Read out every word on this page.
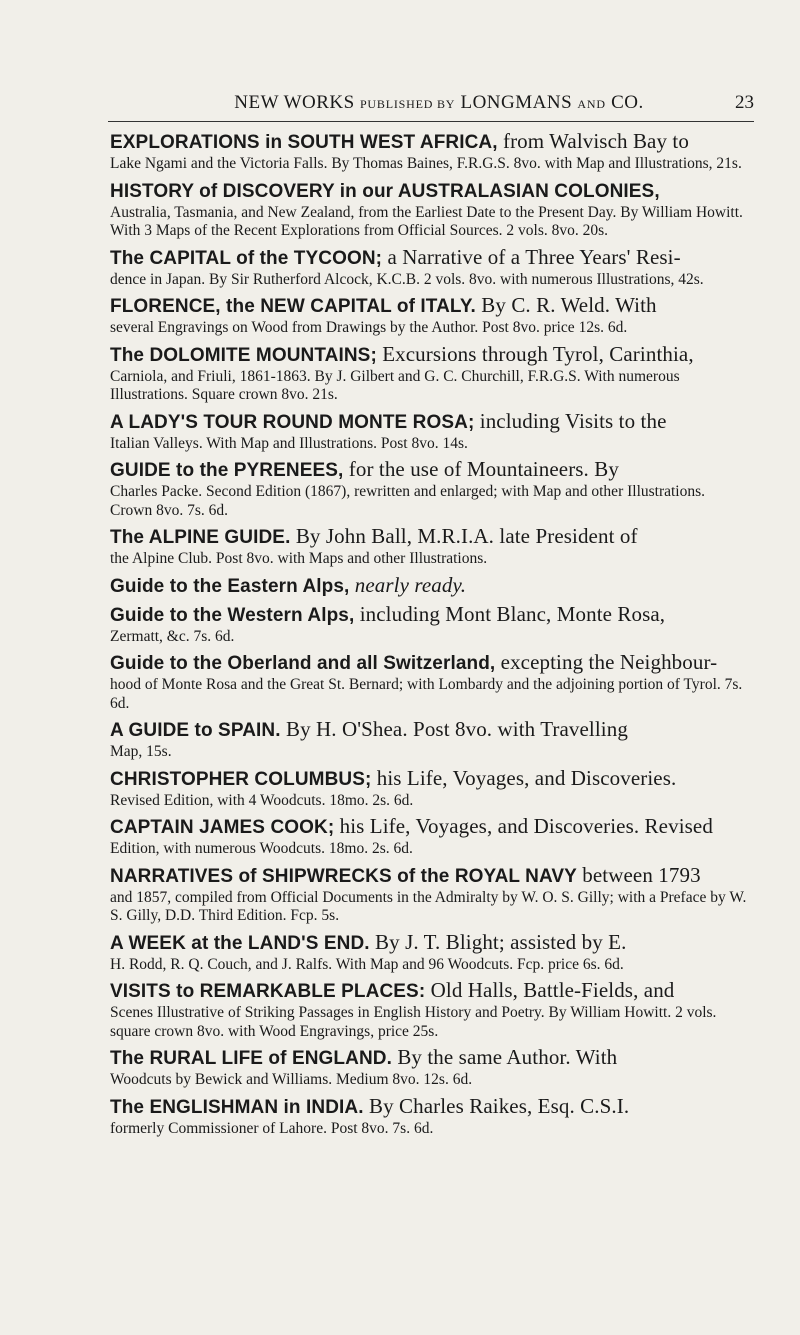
NEW WORKS PUBLISHED BY LONGMANS AND CO.	23
EXPLORATIONS in SOUTH WEST AFRICA, from Walvisch Bay to
Lake Ngami and the Victoria Falls. By Thomas Baines, F.R.G.S. 8vo. with Map and Illustrations, 21s.
HISTORY of DISCOVERY in our AUSTRALASIAN COLONIES,
Australia, Tasmania, and New Zealand, from the Earliest Date to the Present Day. By William Howitt. With 3 Maps of the Recent Explorations from Official Sources. 2 vols. 8vo. 20s.
The CAPITAL of the TYCOON; a Narrative of a Three Years' Resi-
dence in Japan. By Sir Rutherford Alcock, K.C.B. 2 vols. 8vo. with numerous Illustrations, 42s.
FLORENCE, the NEW CAPITAL of ITALY. By C. R. Weld. With
several Engravings on Wood from Drawings by the Author. Post 8vo. price 12s. 6d.
The DOLOMITE MOUNTAINS; Excursions through Tyrol, Carinthia,
Carniola, and Friuli, 1861-1863. By J. Gilbert and G. C. Churchill, F.R.G.S. With numerous Illustrations. Square crown 8vo. 21s.
A LADY'S TOUR ROUND MONTE ROSA; including Visits to the
Italian Valleys. With Map and Illustrations. Post 8vo. 14s.
GUIDE to the PYRENEES, for the use of Mountaineers. By
Charles Packe. Second Edition (1867), rewritten and enlarged; with Map and other Illustrations. Crown 8vo. 7s. 6d.
The ALPINE GUIDE. By John Ball, M.R.I.A. late President of
the Alpine Club. Post 8vo. with Maps and other Illustrations.
Guide to the Eastern Alps, nearly ready.
Guide to the Western Alps, including Mont Blanc, Monte Rosa,
Zermatt, &c. 7s. 6d.
Guide to the Oberland and all Switzerland, excepting the Neighbour-
hood of Monte Rosa and the Great St. Bernard; with Lombardy and the adjoining portion of Tyrol. 7s. 6d.
A GUIDE to SPAIN. By H. O'Shea. Post 8vo. with Travelling
Map, 15s.
CHRISTOPHER COLUMBUS; his Life, Voyages, and Discoveries.
Revised Edition, with 4 Woodcuts. 18mo. 2s. 6d.
CAPTAIN JAMES COOK; his Life, Voyages, and Discoveries. Revised
Edition, with numerous Woodcuts. 18mo. 2s. 6d.
NARRATIVES of SHIPWRECKS of the ROYAL NAVY between 1793
and 1857, compiled from Official Documents in the Admiralty by W. O. S. Gilly; with a Preface by W. S. Gilly, D.D. Third Edition. Fcp. 5s.
A WEEK at the LAND'S END. By J. T. Blight; assisted by E.
H. Rodd, R. Q. Couch, and J. Ralfs. With Map and 96 Woodcuts. Fcp. price 6s. 6d.
VISITS to REMARKABLE PLACES: Old Halls, Battle-Fields, and
Scenes Illustrative of Striking Passages in English History and Poetry. By William Howitt. 2 vols. square crown 8vo. with Wood Engravings, price 25s.
The RURAL LIFE of ENGLAND. By the same Author. With
Woodcuts by Bewick and Williams. Medium 8vo. 12s. 6d.
The ENGLISHMAN in INDIA. By Charles Raikes, Esq. C.S.I.
formerly Commissioner of Lahore. Post 8vo. 7s. 6d.
